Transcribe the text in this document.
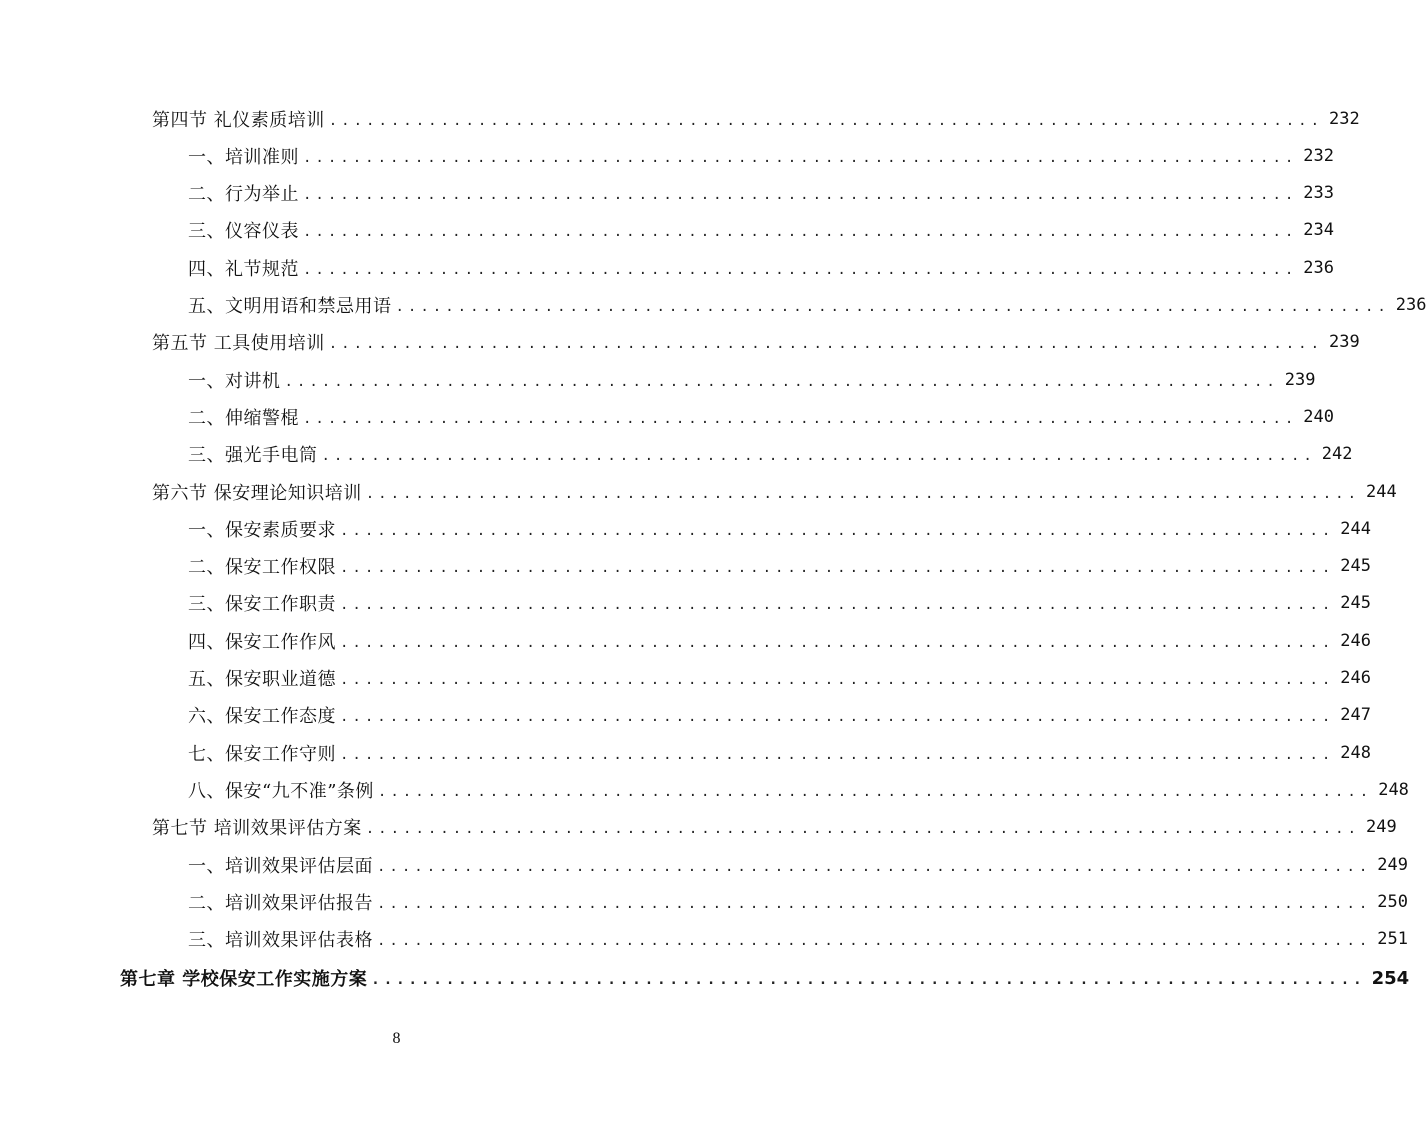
第四节 礼仪素质培训 ................................................................................ 232
一、培训准则 ................................................................................ 232
二、行为举止 ................................................................................ 233
三、仪容仪表 ................................................................................ 234
四、礼节规范 ................................................................................ 236
五、文明用语和禁忌用语 ................................................................................ 236
第五节 工具使用培训 ................................................................................ 239
一、对讲机 ................................................................................ 239
二、伸缩警棍 ................................................................................ 240
三、强光手电筒 ................................................................................ 242
第六节 保安理论知识培训 ................................................................................ 244
一、保安素质要求 ................................................................................ 244
二、保安工作权限 ................................................................................ 245
三、保安工作职责 ................................................................................ 245
四、保安工作作风 ................................................................................ 246
五、保安职业道德 ................................................................................ 246
六、保安工作态度 ................................................................................ 247
七、保安工作守则 ................................................................................ 248
八、保安“九不准”条例 ................................................................................ 248
第七节 培训效果评估方案 ................................................................................ 249
一、培训效果评估层面 ................................................................................ 249
二、培训效果评估报告 ................................................................................ 250
三、培训效果评估表格 ................................................................................ 251
第七章 学校保安工作实施方案 ................................................................................ 254
8
